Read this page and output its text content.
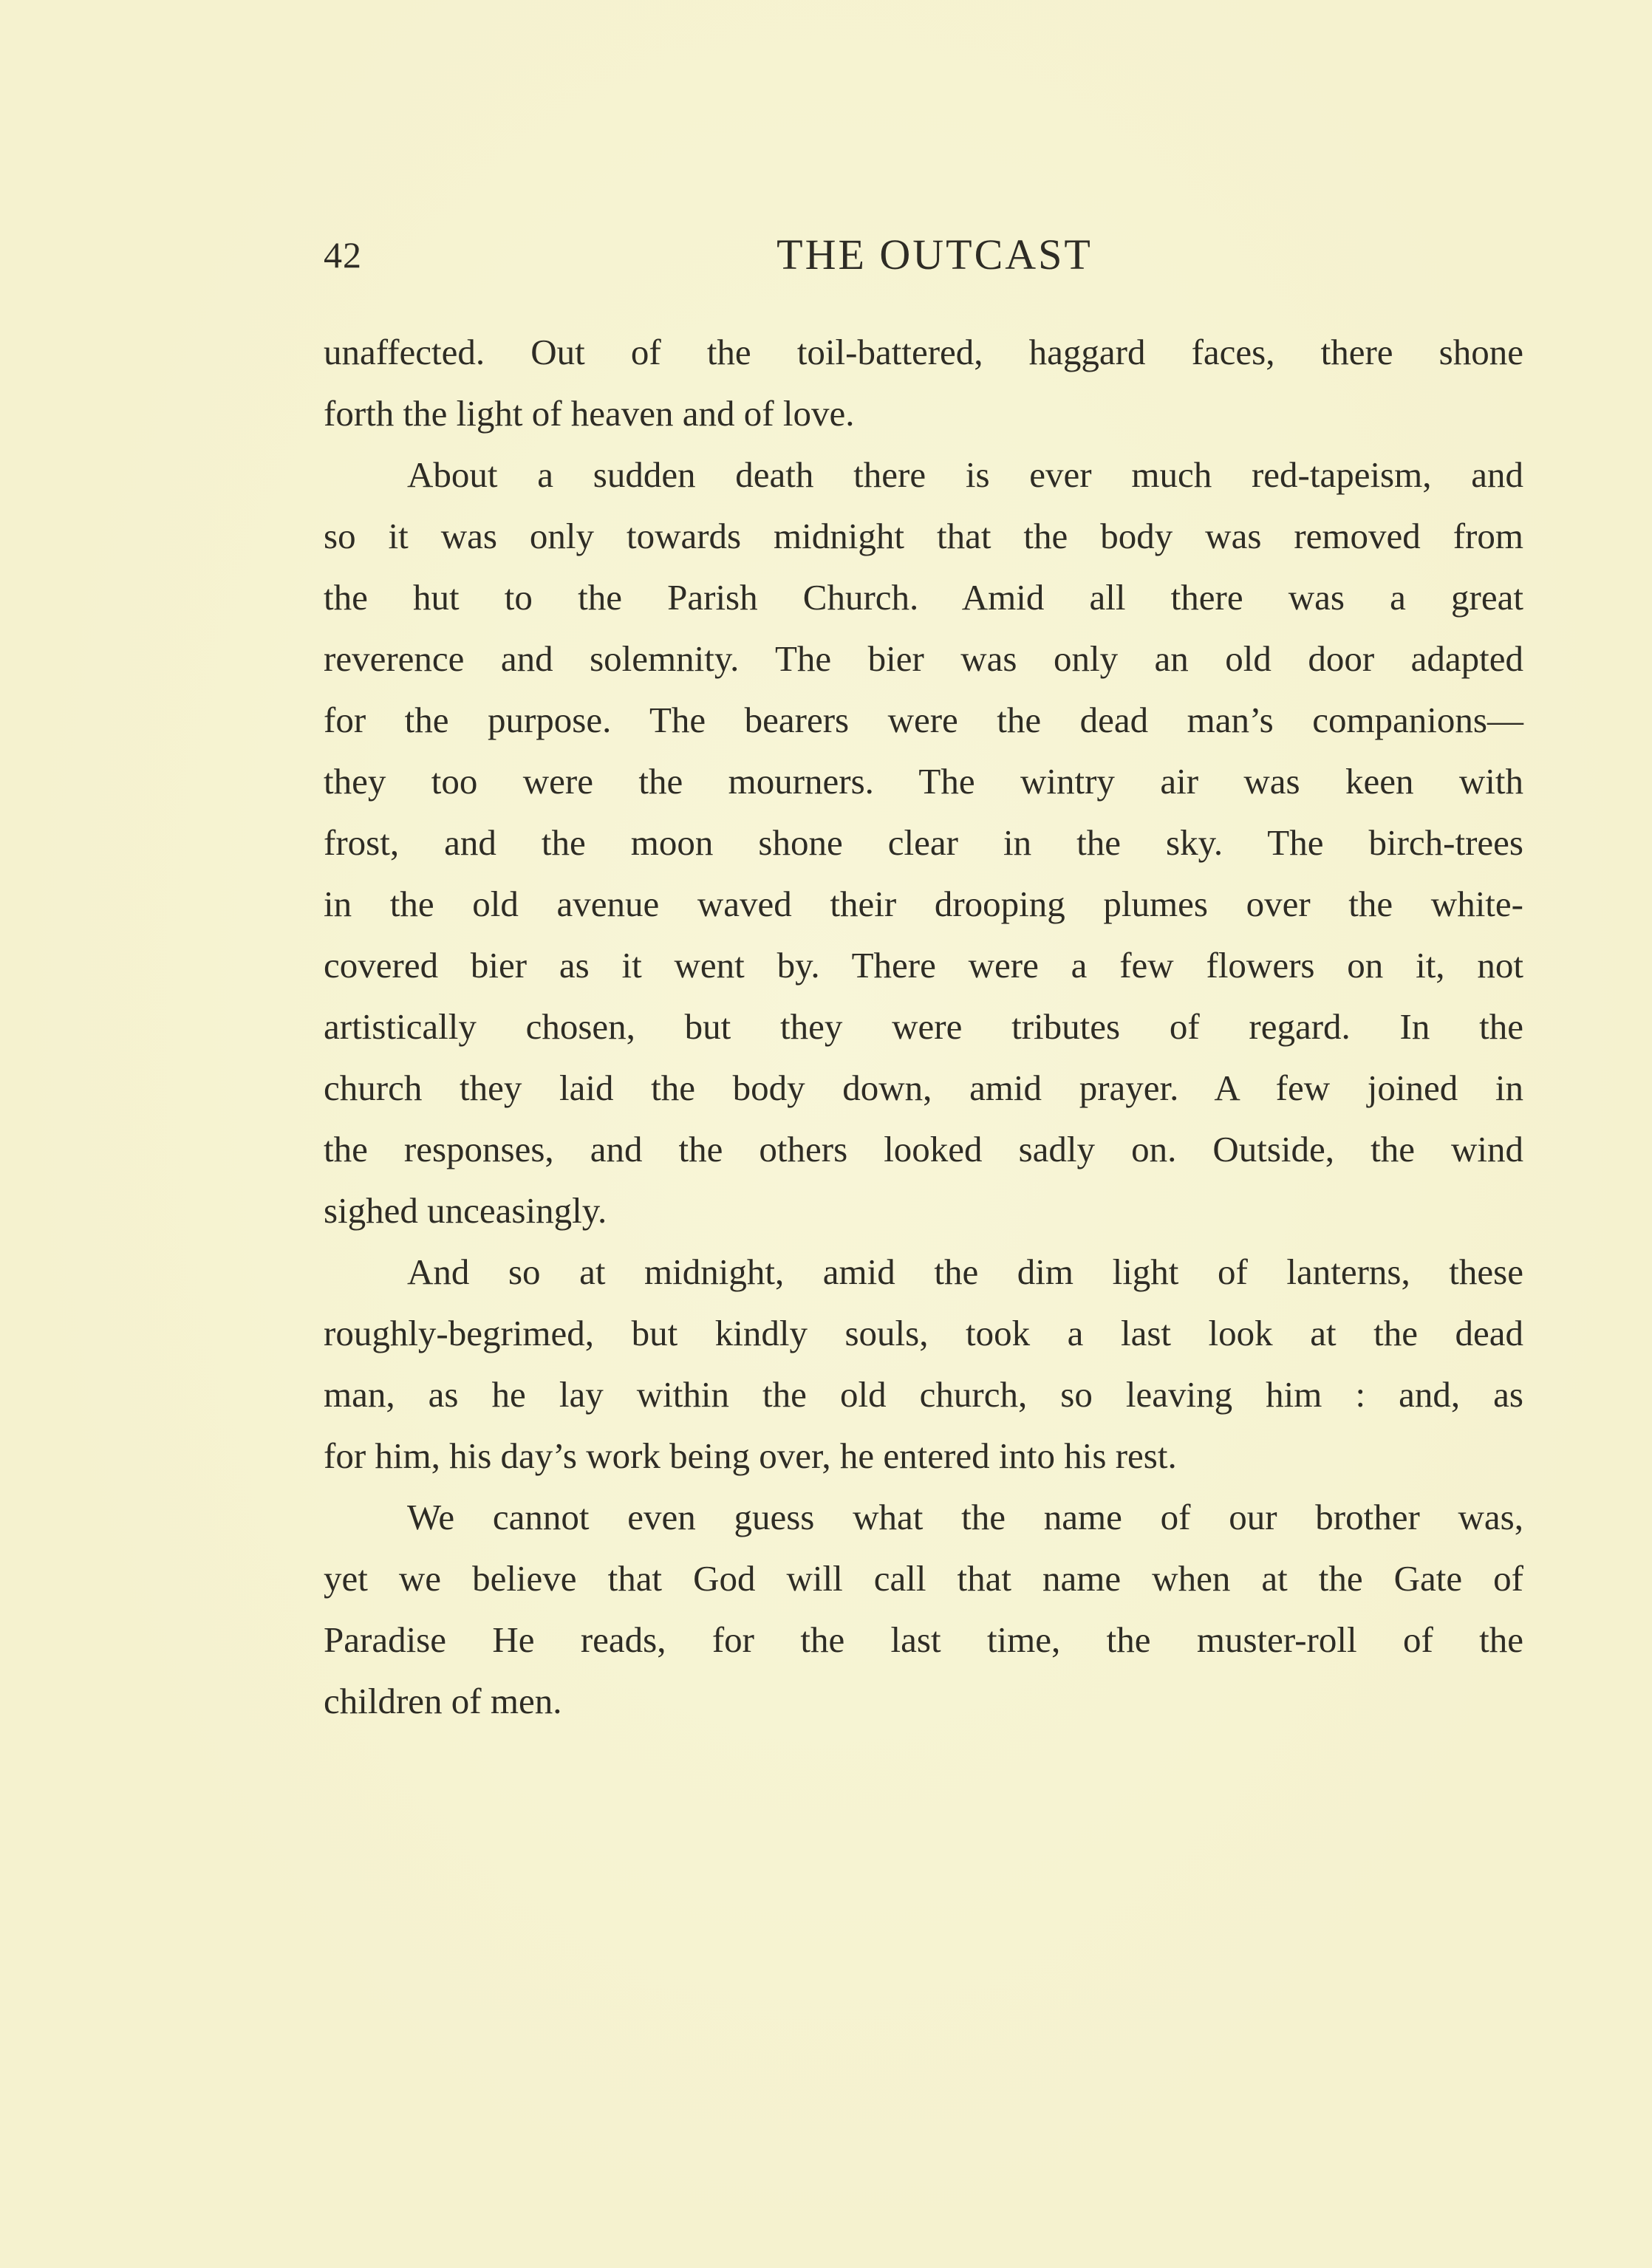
42	THE OUTCAST
unaffected. Out of the toil-battered, haggard faces, there shone
forth the light of heaven and of love.
About a sudden death there is ever much red-tapeism, and
so it was only towards midnight that the body was removed from
the hut to the Parish Church. Amid all there was a great
reverence and solemnity. The bier was only an old door adapted
for the purpose. The bearers were the dead man’s companions—
they too were the mourners. The wintry air was keen with
frost, and the moon shone clear in the sky. The birch-trees
in the old avenue waved their drooping plumes over the white-
covered bier as it went by. There were a few flowers on it, not
artistically chosen, but they were tributes of regard. In the
church they laid the body down, amid prayer. A few joined in
the responses, and the others looked sadly on. Outside, the wind
sighed unceasingly.
And so at midnight, amid the dim light of lanterns, these
roughly-begrimed, but kindly souls, took a last look at the dead
man, as he lay within the old church, so leaving him : and, as
for him, his day’s work being over, he entered into his rest.
We cannot even guess what the name of our brother was,
yet we believe that God will call that name when at the Gate of
Paradise He reads, for the last time, the muster-roll of the
children of men.
